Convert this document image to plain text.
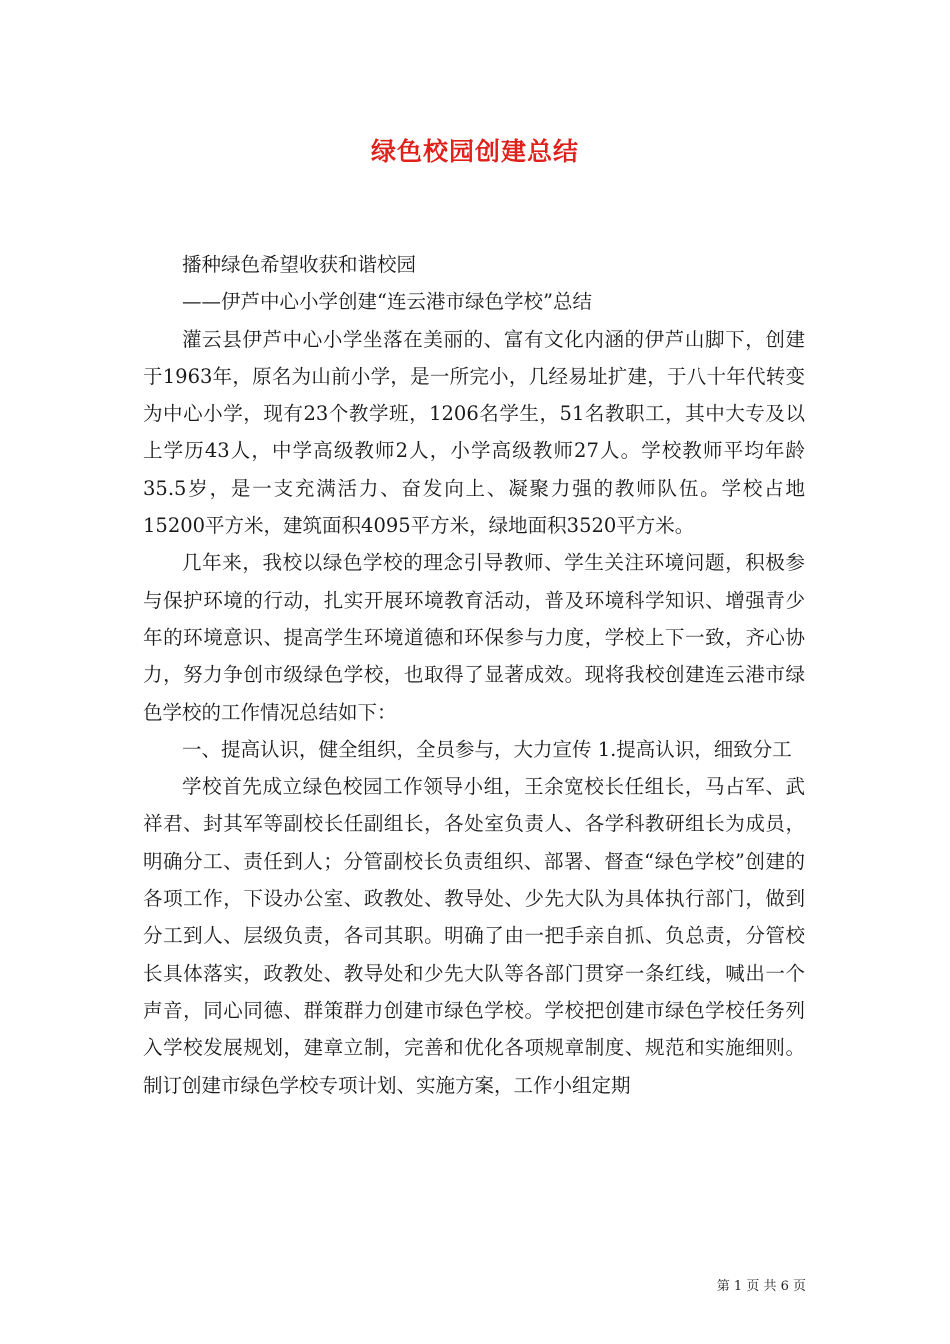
绿色校园创建总结

播种绿色希望收获和谐校园

——伊芦中心小学创建“连云港市绿色学校”总结

灌云县伊芦中心小学坐落在美丽的、富有文化内涵的伊芦山脚下，创建于1963年，原名为山前小学，是一所完小，几经易址扩建，于八十年代转变为中心小学，现有23个教学班，1206名学生，51名教职工，其中大专及以上学历43人，中学高级教师2人，小学高级教师27人。学校教师平均年龄35.5岁，是一支充满活力、奋发向上、凝聚力强的教师队伍。学校占地15200平方米，建筑面积4095平方米，绿地面积3520平方米。

几年来，我校以绿色学校的理念引导教师、学生关注环境问题，积极参与保护环境的行动，扎实开展环境教育活动，普及环境科学知识、增强青少年的环境意识、提高学生环境道德和环保参与力度，学校上下一致，齐心协力，努力争创市级绿色学校，也取得了显著成效。现将我校创建连云港市绿色学校的工作情况总结如下：

一、提高认识，健全组织，全员参与，大力宣传 1.提高认识，细致分工

学校首先成立绿色校园工作领导小组，王余宽校长任组长，马占军、武祥君、封其军等副校长任副组长，各处室负责人、各学科教研组长为成员，明确分工、责任到人；分管副校长负责组织、部署、督查“绿色学校”创建的各项工作，下设办公室、政教处、教导处、少先大队为具体执行部门，做到分工到人、层级负责，各司其职。明确了由一把手亲自抓、负总责，分管校长具体落实，政教处、教导处和少先大队等各部门贯穿一条红线，喊出一个声音，同心同德、群策群力创建市绿色学校。学校把创建市绿色学校任务列入学校发展规划，建章立制，完善和优化各项规章制度、规范和实施细则。制订创建市绿色学校专项计划、实施方案，工作小组定期

第 1 页 共 6 页
